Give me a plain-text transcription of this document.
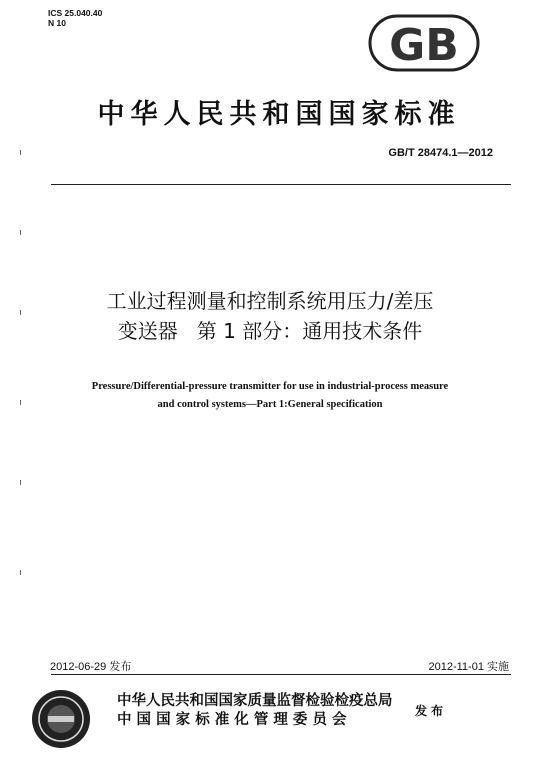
ICS 25.040.40
N 10	GB
中华人民共和国国家标准
GB/T 28474.1—2012
工业过程测量和控制系统用压力/差压
变送器   第 1 部分：通用技术条件
Pressure/Differential-pressure transmitter for use in industrial-process measure
and control systems—Part 1:General specification
2012-06-29 发布	2012-11-01 实施
中华人民共和国国家质量监督检验检疫总局
中 国 国 家 标 准 化 管 理 委 员 会
发布
